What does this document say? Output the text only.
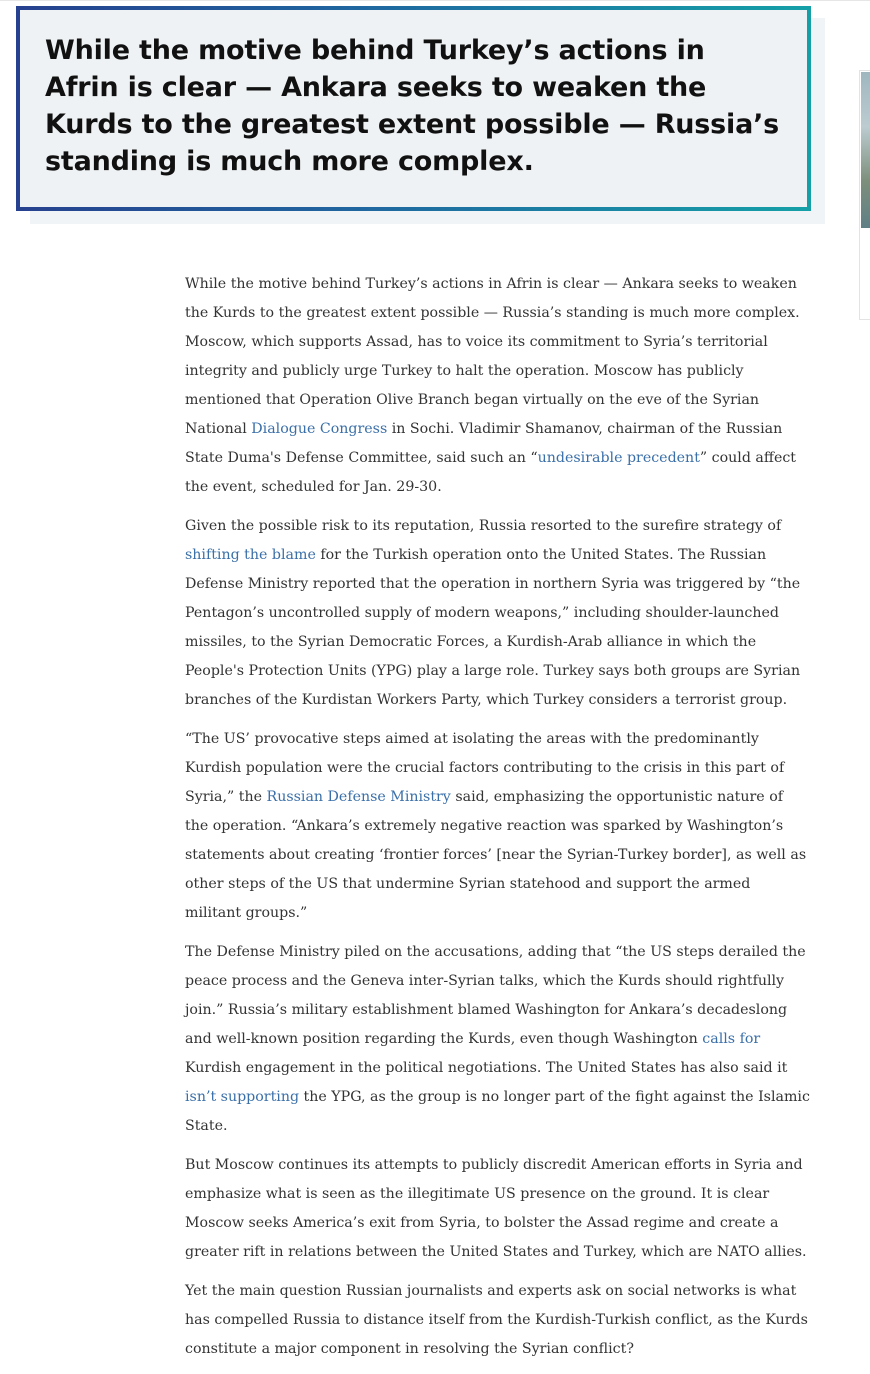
While the motive behind Turkey’s actions in Afrin is clear — Ankara seeks to weaken the Kurds to the greatest extent possible — Russia’s standing is much more complex.

While the motive behind Turkey’s actions in Afrin is clear — Ankara seeks to weaken the Kurds to the greatest extent possible — Russia’s standing is much more complex. Moscow, which supports Assad, has to voice its commitment to Syria’s territorial integrity and publicly urge Turkey to halt the operation. Moscow has publicly mentioned that Operation Olive Branch began virtually on the eve of the Syrian National Dialogue Congress in Sochi. Vladimir Shamanov, chairman of the Russian State Duma's Defense Committee, said such an “undesirable precedent” could affect the event, scheduled for Jan. 29-30.

Given the possible risk to its reputation, Russia resorted to the surefire strategy of shifting the blame for the Turkish operation onto the United States. The Russian Defense Ministry reported that the operation in northern Syria was triggered by “the Pentagon’s uncontrolled supply of modern weapons,” including shoulder-launched missiles, to the Syrian Democratic Forces, a Kurdish-Arab alliance in which the People's Protection Units (YPG) play a large role. Turkey says both groups are Syrian branches of the Kurdistan Workers Party, which Turkey considers a terrorist group.

“The US’ provocative steps aimed at isolating the areas with the predominantly Kurdish population were the crucial factors contributing to the crisis in this part of Syria,” the Russian Defense Ministry said, emphasizing the opportunistic nature of the operation. “Ankara’s extremely negative reaction was sparked by Washington’s statements about creating ‘frontier forces’ [near the Syrian-Turkey border], as well as other steps of the US that undermine Syrian statehood and support the armed militant groups.”

The Defense Ministry piled on the accusations, adding that “the US steps derailed the peace process and the Geneva inter-Syrian talks, which the Kurds should rightfully join.” Russia’s military establishment blamed Washington for Ankara’s decadeslong and well-known position regarding the Kurds, even though Washington calls for Kurdish engagement in the political negotiations. The United States has also said it isn’t supporting the YPG, as the group is no longer part of the fight against the Islamic State.

But Moscow continues its attempts to publicly discredit American efforts in Syria and emphasize what is seen as the illegitimate US presence on the ground. It is clear Moscow seeks America’s exit from Syria, to bolster the Assad regime and create a greater rift in relations between the United States and Turkey, which are NATO allies.

Yet the main question Russian journalists and experts ask on social networks is what has compelled Russia to distance itself from the Kurdish-Turkish conflict, as the Kurds constitute a major component in resolving the Syrian conflict?
